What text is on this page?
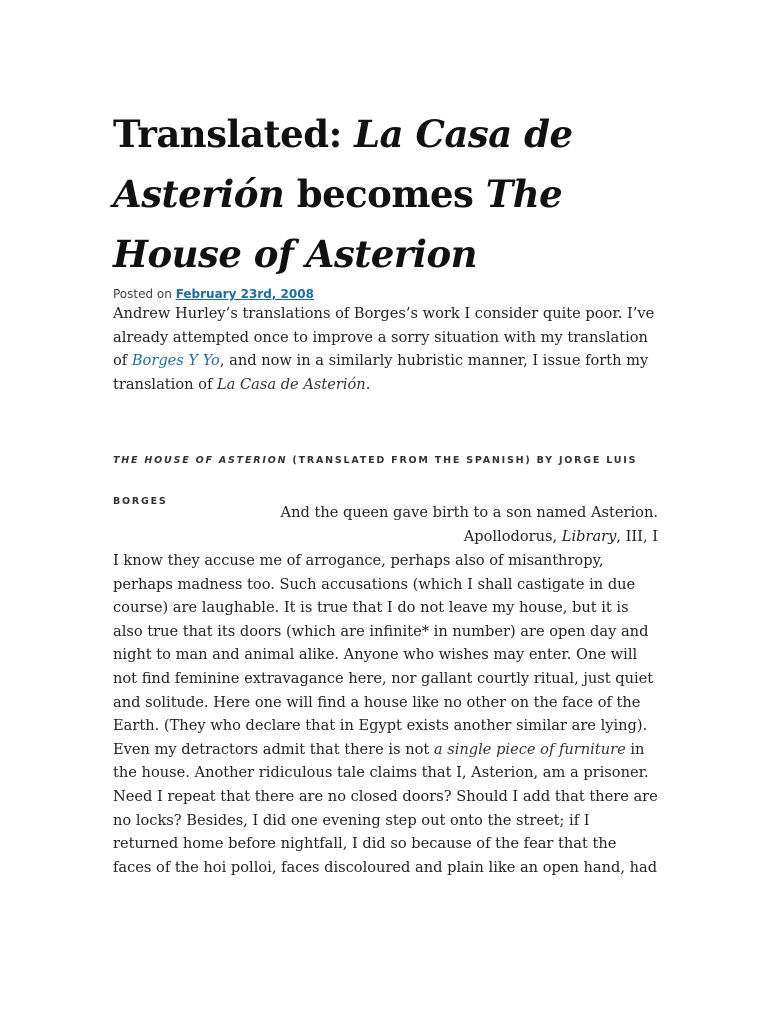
Translated: La Casa de Asterión becomes The House of Asterion
Posted on February 23rd, 2008

Andrew Hurley’s translations of Borges’s work I consider quite poor. I’ve already attempted once to improve a sorry situation with my translation of Borges Y Yo, and now in a similarly hubristic manner, I issue forth my translation of La Casa de Asterión.

THE HOUSE OF ASTERION (TRANSLATED FROM THE SPANISH) BY JORGE LUIS BORGES
And the queen gave birth to a son named Asterion.
Apollodorus, Library, III, I

I know they accuse me of arrogance, perhaps also of misanthropy, perhaps madness too. Such accusations (which I shall castigate in due course) are laughable. It is true that I do not leave my house, but it is also true that its doors (which are infinite* in number) are open day and night to man and animal alike. Anyone who wishes may enter. One will not find feminine extravagance here, nor gallant courtly ritual, just quiet and solitude. Here one will find a house like no other on the face of the Earth. (They who declare that in Egypt exists another similar are lying). Even my detractors admit that there is not a single piece of furniture in the house. Another ridiculous tale claims that I, Asterion, am a prisoner. Need I repeat that there are no closed doors? Should I add that there are no locks? Besides, I did one evening step out onto the street; if I returned home before nightfall, I did so because of the fear that the faces of the hoi polloi, faces discoloured and plain like an open hand, had
